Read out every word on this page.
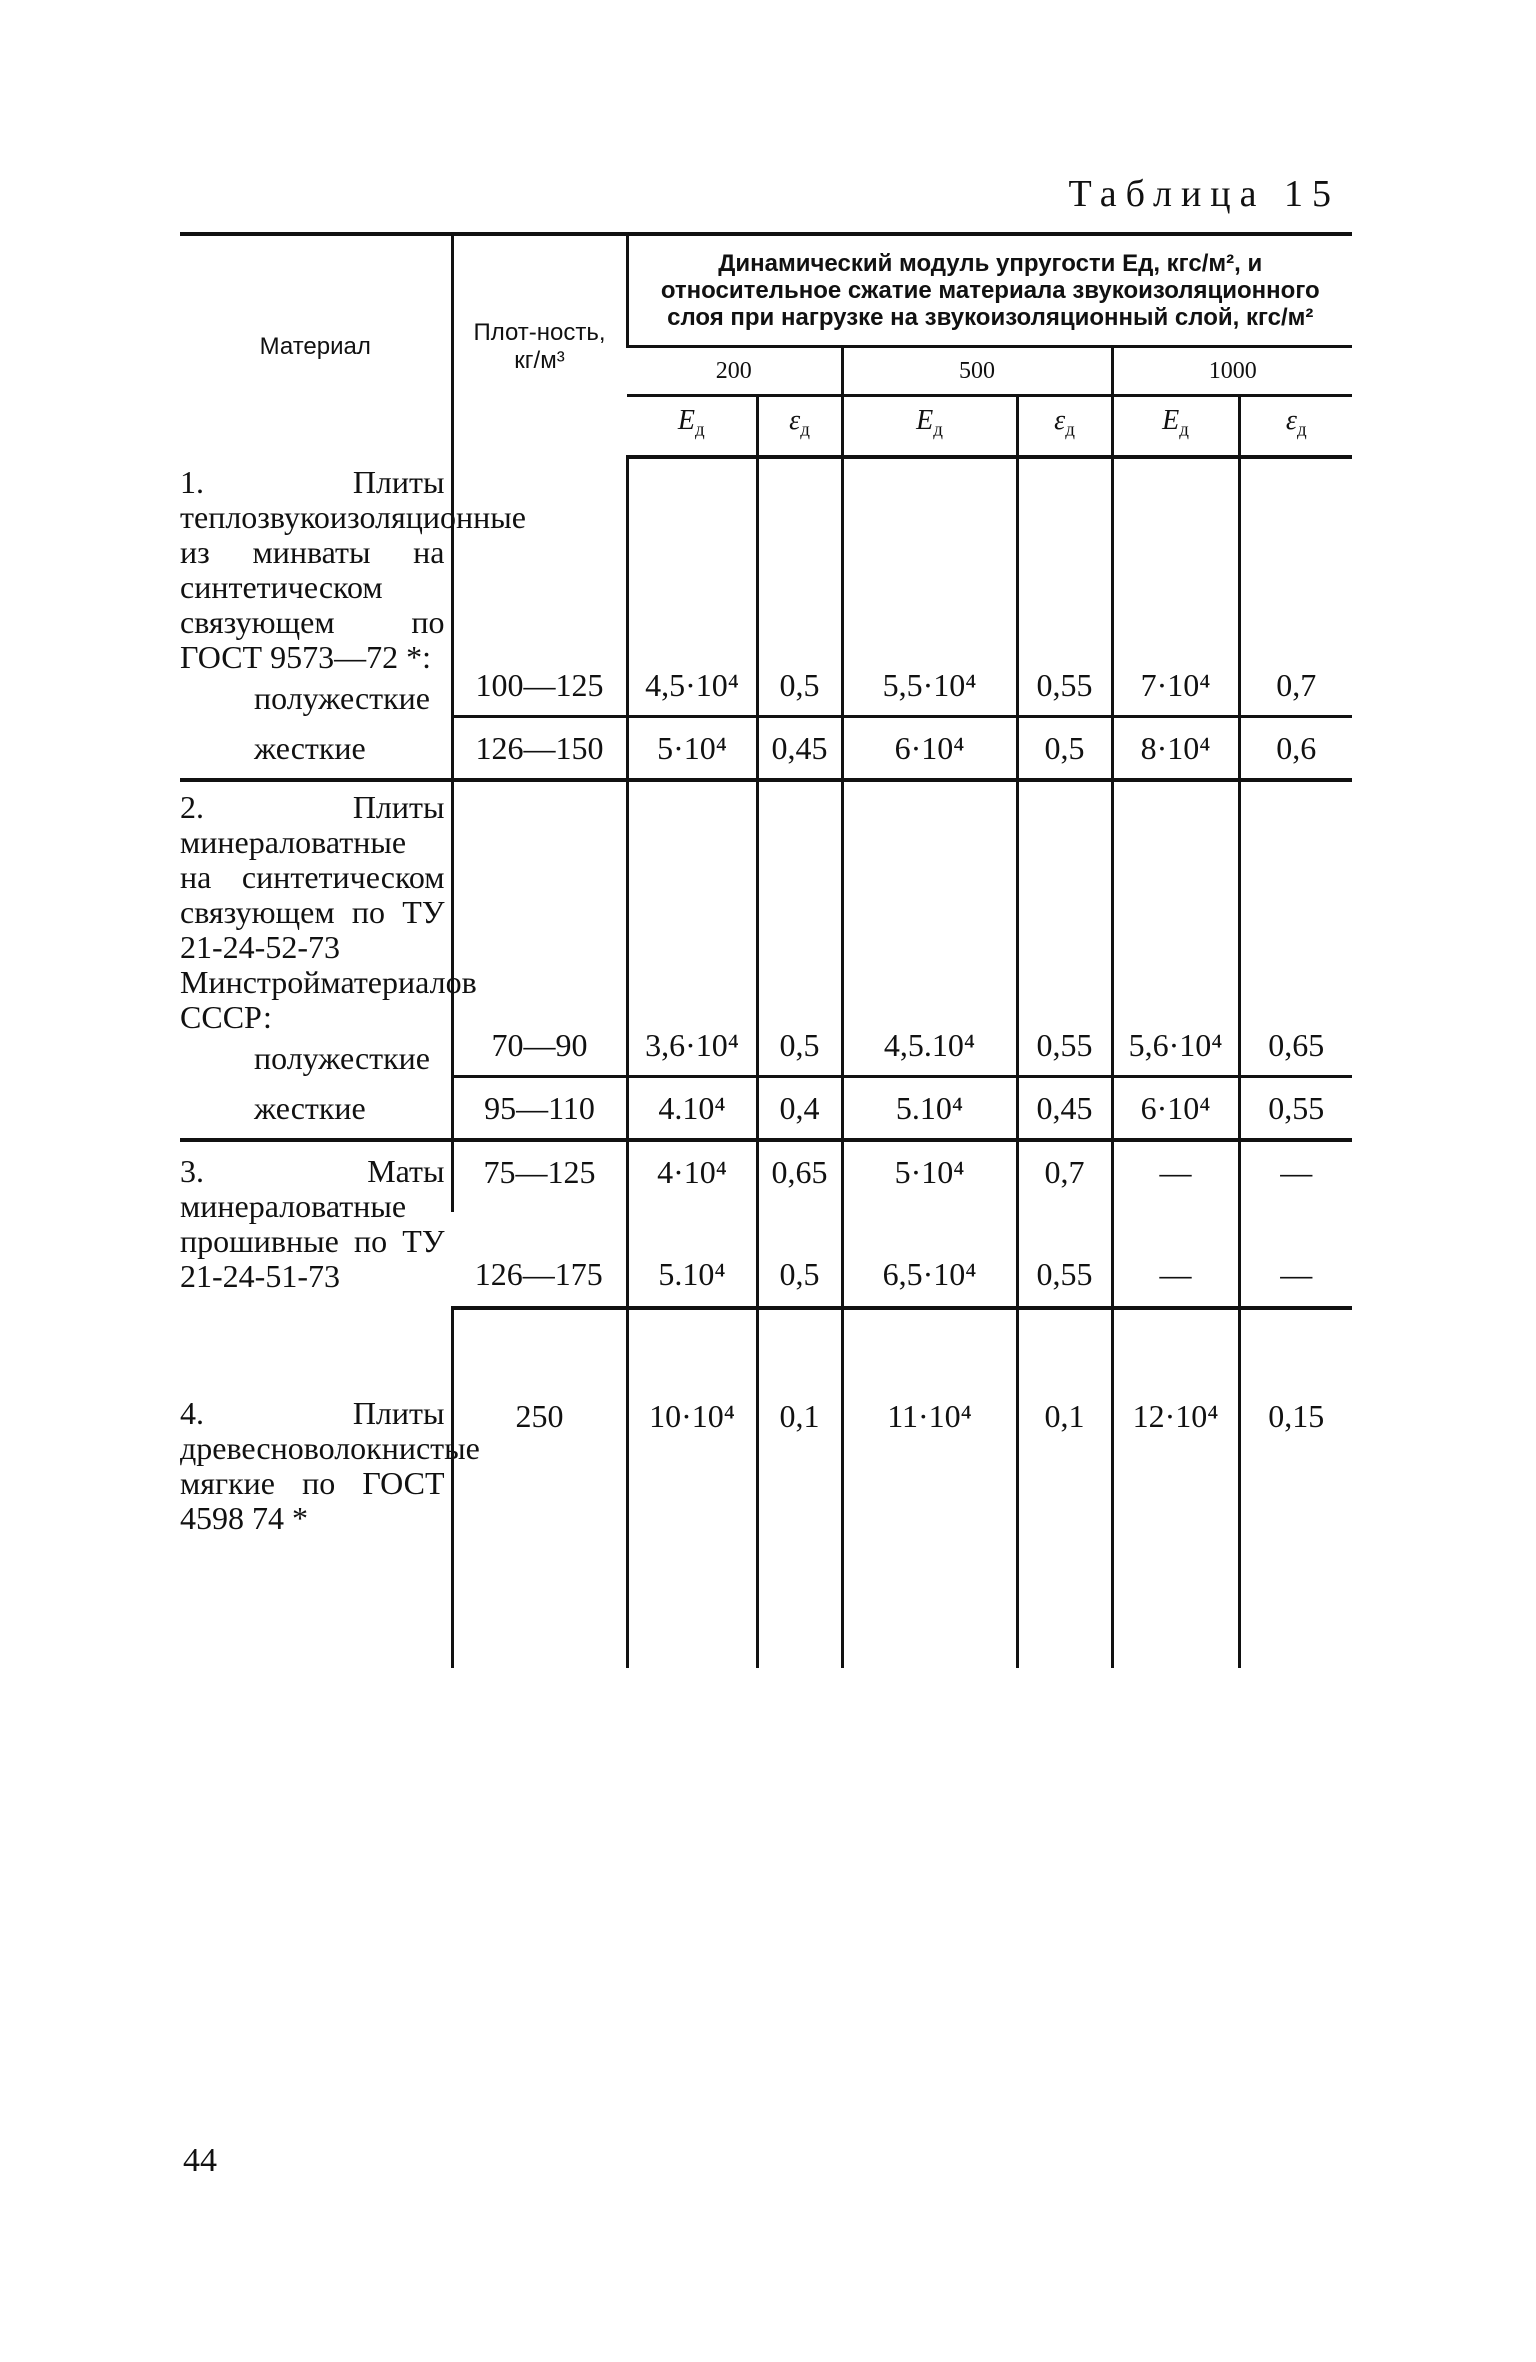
Таблица 15
Материал	Плот-ность, кг/м³	Динамический модуль упругости Eд, кгс/м², и относительное сжатие материала звукоизоляционного слоя при нагрузке на звукоизоляционный слой, кгс/м²					
		200		500		1000	
		$E_д$	$\varepsilon_д$	$E_д$	$\varepsilon_д$	$E_д$	$\varepsilon_д$
1. Плиты теплозвукоизоляционные из минваты на синтетическом связующем по ГОСТ 9573—72 *:
полужесткие	100—125	4,5·10⁴	0,5	5,5·10⁴	0,55	7·10⁴	0,7
жесткие	126—150	5·10⁴	0,45	6·10⁴	0,5	8·10⁴	0,6
2. Плиты минераловатные на синтетическом связующем по ТУ 21-24-52-73 Минстройматериалов СССР:
полужесткие	70—90	3,6·10⁴	0,5	4,5.10⁴	0,55	5,6·10⁴	0,65
жесткие	95—110	4.10⁴	0,4	5.10⁴	0,45	6·10⁴	0,55
3. Маты минераловатные прошивные по ТУ 21-24-51-73	75—125	4·10⁴	0,65	5·10⁴	0,7	—	—
	126—175	5.10⁴	0,5	6,5·10⁴	0,55	—	—
4. Плиты древесноволокнистые мягкие по ГОСТ 4598 74 *	250	10·10⁴	0,1	11·10⁴	0,1	12·10⁴	0,15
44
